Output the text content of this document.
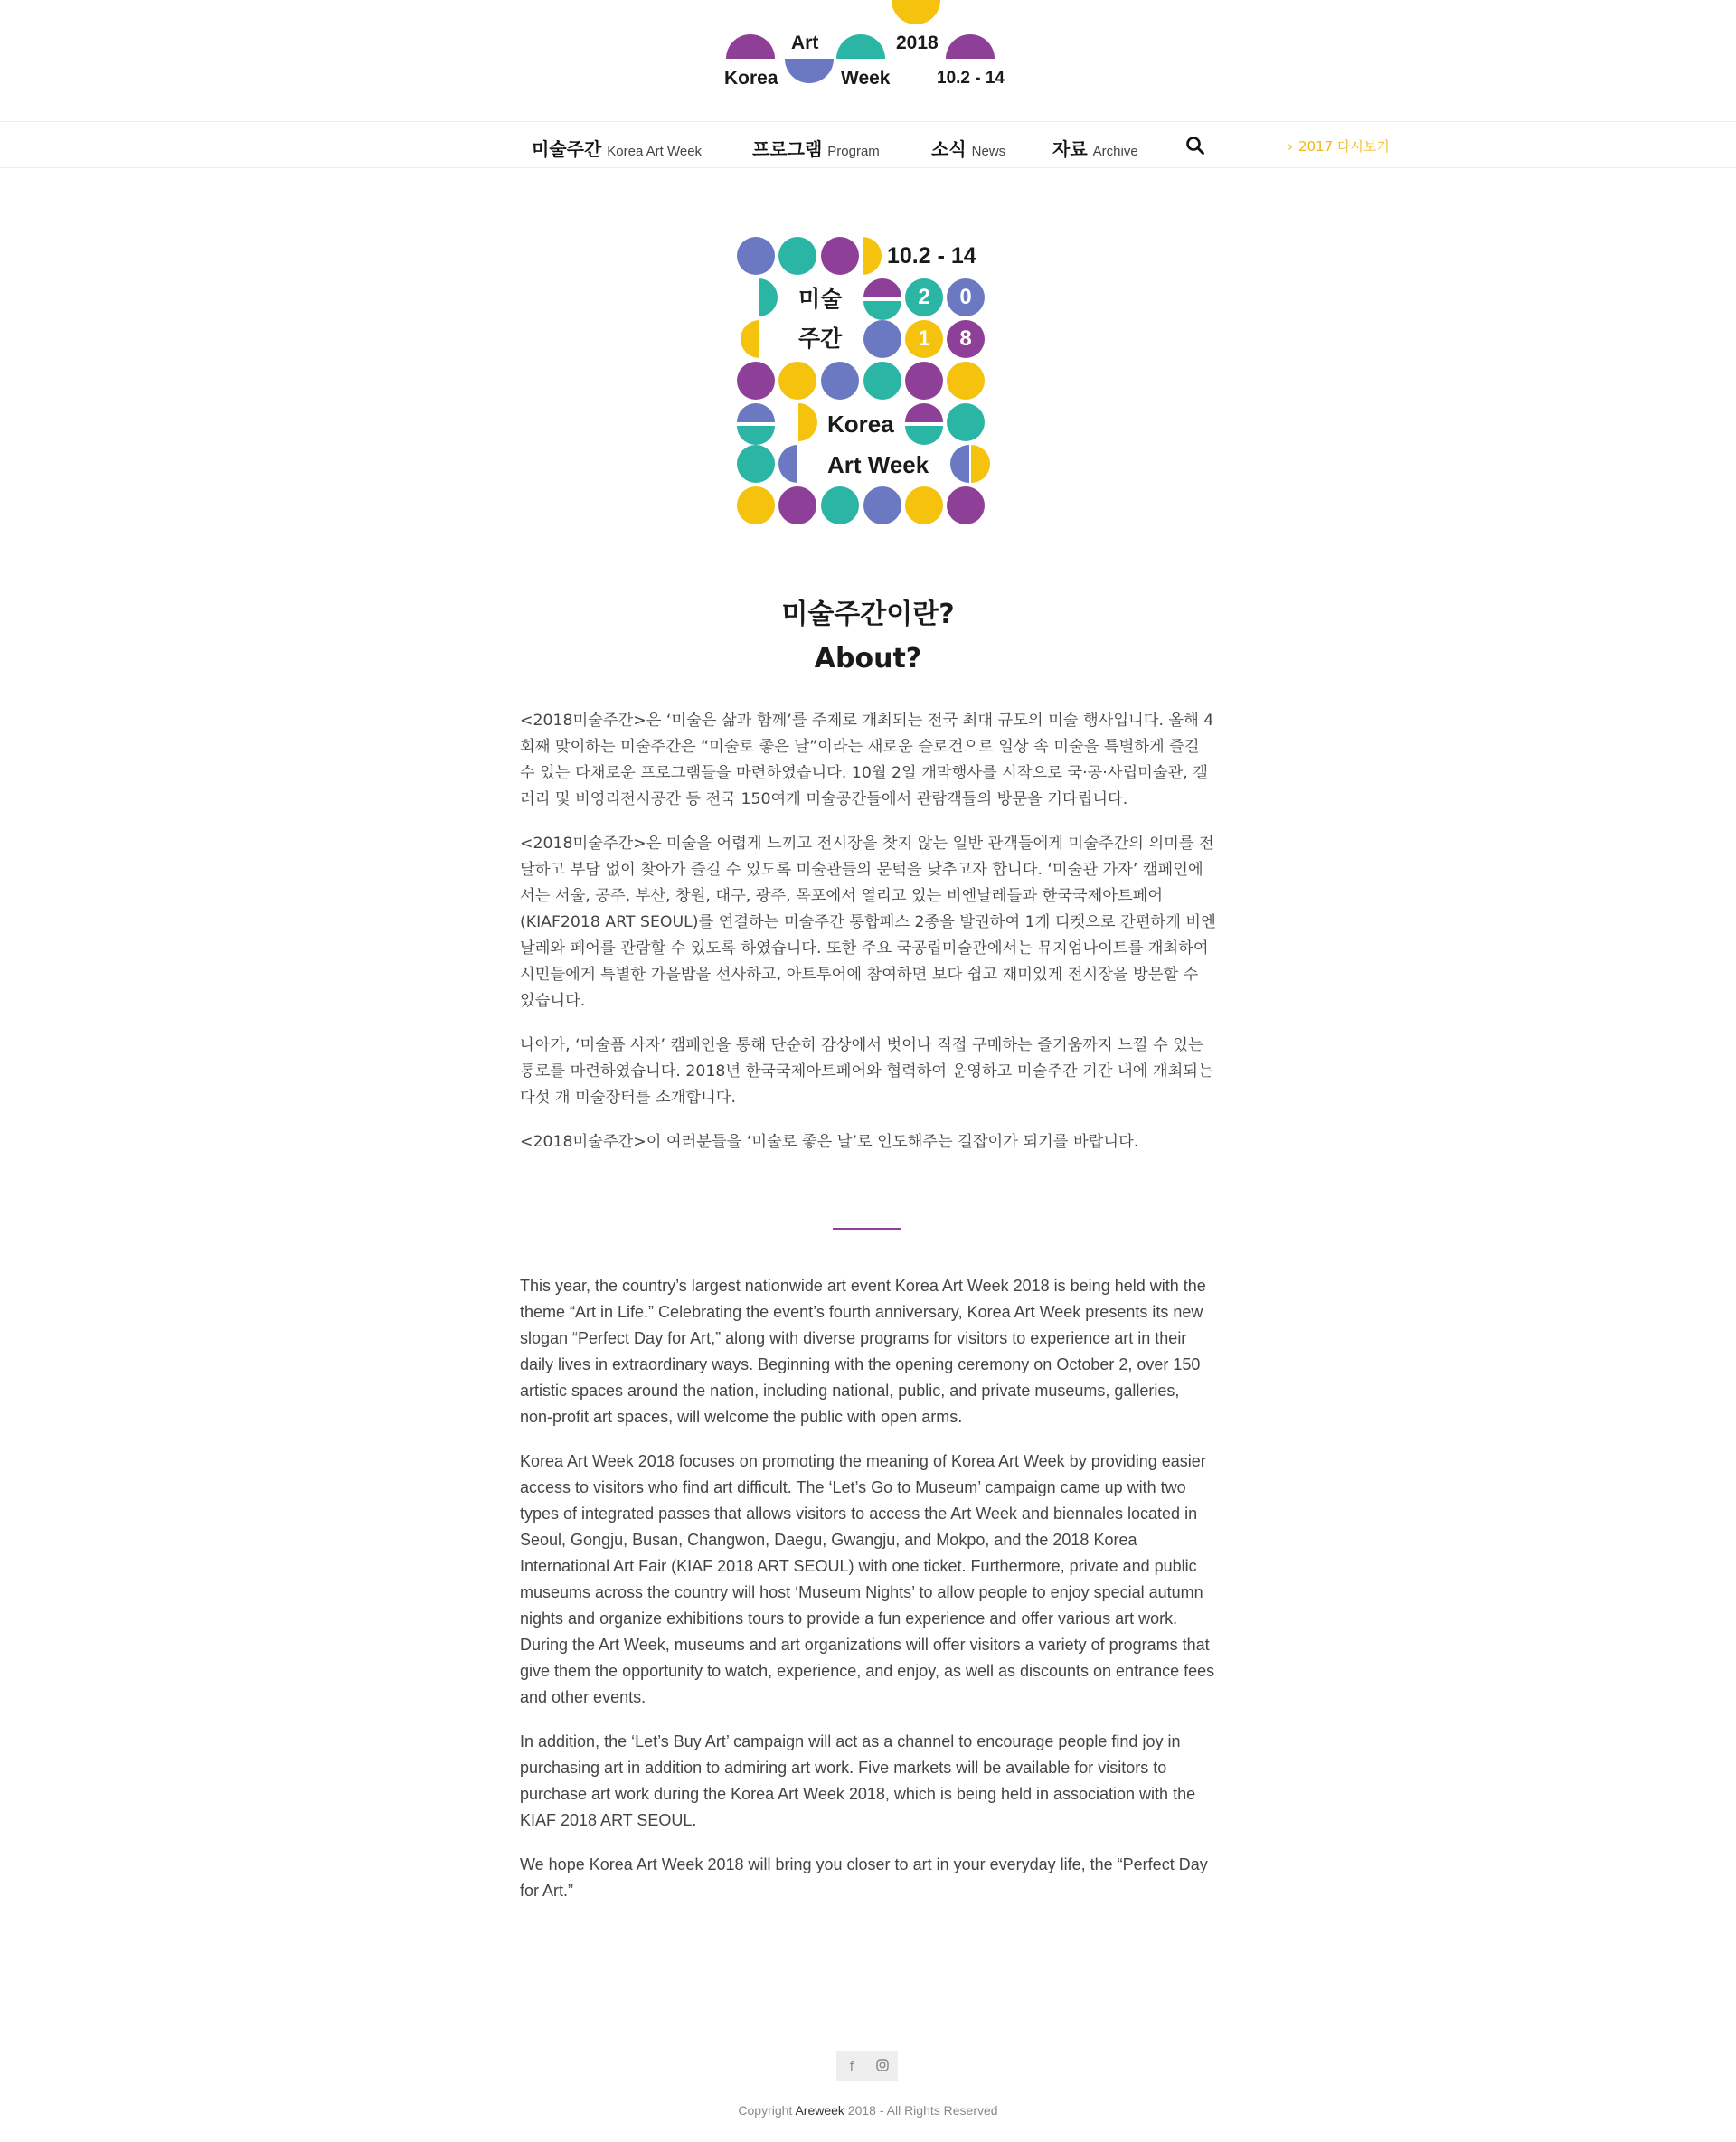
Art	2018
Korea	Week	10.2 - 14
미술주간 Korea Art Week	프로그램 Program	소식 News	자료 Archive	› 2017 다시보기
10.2 - 14
미술	2	0
주간	1	8
Korea
Art Week
미술주간이란?
About?

<2018미술주간>은 ‘미술은 삶과 함께’를 주제로 개최되는 전국 최대 규모의 미술 행사입니다. 올해 4회째 맞이하는 미술주간은 “미술로 좋은 날”이라는 새로운 슬로건으로 일상 속 미술을 특별하게 즐길 수 있는 다채로운 프로그램들을 마련하였습니다. 10월 2일 개막행사를 시작으로 국·공·사립미술관, 갤러리 및 비영리전시공간 등 전국 150여개 미술공간들에서 관람객들의 방문을 기다립니다.

<2018미술주간>은 미술을 어렵게 느끼고 전시장을 찾지 않는 일반 관객들에게 미술주간의 의미를 전달하고 부담 없이 찾아가 즐길 수 있도록 미술관들의 문턱을 낮추고자 합니다. ‘미술관 가자’ 캠페인에서는 서울, 공주, 부산, 창원, 대구, 광주, 목포에서 열리고 있는 비엔날레들과 한국국제아트페어(KIAF2018 ART SEOUL)를 연결하는 미술주간 통합패스 2종을 발권하여 1개 티켓으로 간편하게 비엔날레와 페어를 관람할 수 있도록 하였습니다. 또한 주요 국공립미술관에서는 뮤지엄나이트를 개최하여 시민들에게 특별한 가을밤을 선사하고, 아트투어에 참여하면 보다 쉽고 재미있게 전시장을 방문할 수 있습니다.

나아가, ‘미술품 사자’ 캠페인을 통해 단순히 감상에서 벗어나 직접 구매하는 즐거움까지 느낄 수 있는 통로를 마련하였습니다. 2018년 한국국제아트페어와 협력하여 운영하고 미술주간 기간 내에 개최되는 다섯 개 미술장터를 소개합니다.

<2018미술주간>이 여러분들을 ‘미술로 좋은 날’로 인도해주는 길잡이가 되기를 바랍니다.

This year, the country’s largest nationwide art event Korea Art Week 2018 is being held with the theme “Art in Life.” Celebrating the event’s fourth anniversary, Korea Art Week presents its new slogan “Perfect Day for Art,” along with diverse programs for visitors to experience art in their daily lives in extraordinary ways. Beginning with the opening ceremony on October 2, over 150 artistic spaces around the nation, including national, public, and private museums, galleries, non-profit art spaces, will welcome the public with open arms.

Korea Art Week 2018 focuses on promoting the meaning of Korea Art Week by providing easier access to visitors who find art difficult. The ‘Let’s Go to Museum’ campaign came up with two types of integrated passes that allows visitors to access the Art Week and biennales located in Seoul, Gongju, Busan, Changwon, Daegu, Gwangju, and Mokpo, and the 2018 Korea International Art Fair (KIAF 2018 ART SEOUL) with one ticket. Furthermore, private and public museums across the country will host ‘Museum Nights’ to allow people to enjoy special autumn nights and organize exhibitions tours to provide a fun experience and offer various art work. During the Art Week, museums and art organizations will offer visitors a variety of programs that give them the opportunity to watch, experience, and enjoy, as well as discounts on entrance fees and other events.

In addition, the ‘Let’s Buy Art’ campaign will act as a channel to encourage people find joy in purchasing art in addition to admiring art work. Five markets will be available for visitors to purchase art work during the Korea Art Week 2018, which is being held in association with the KIAF 2018 ART SEOUL.

We hope Korea Art Week 2018 will bring you closer to art in your everyday life, the “Perfect Day for Art.”

f
Copyright Areweek 2018 - All Rights Reserved
